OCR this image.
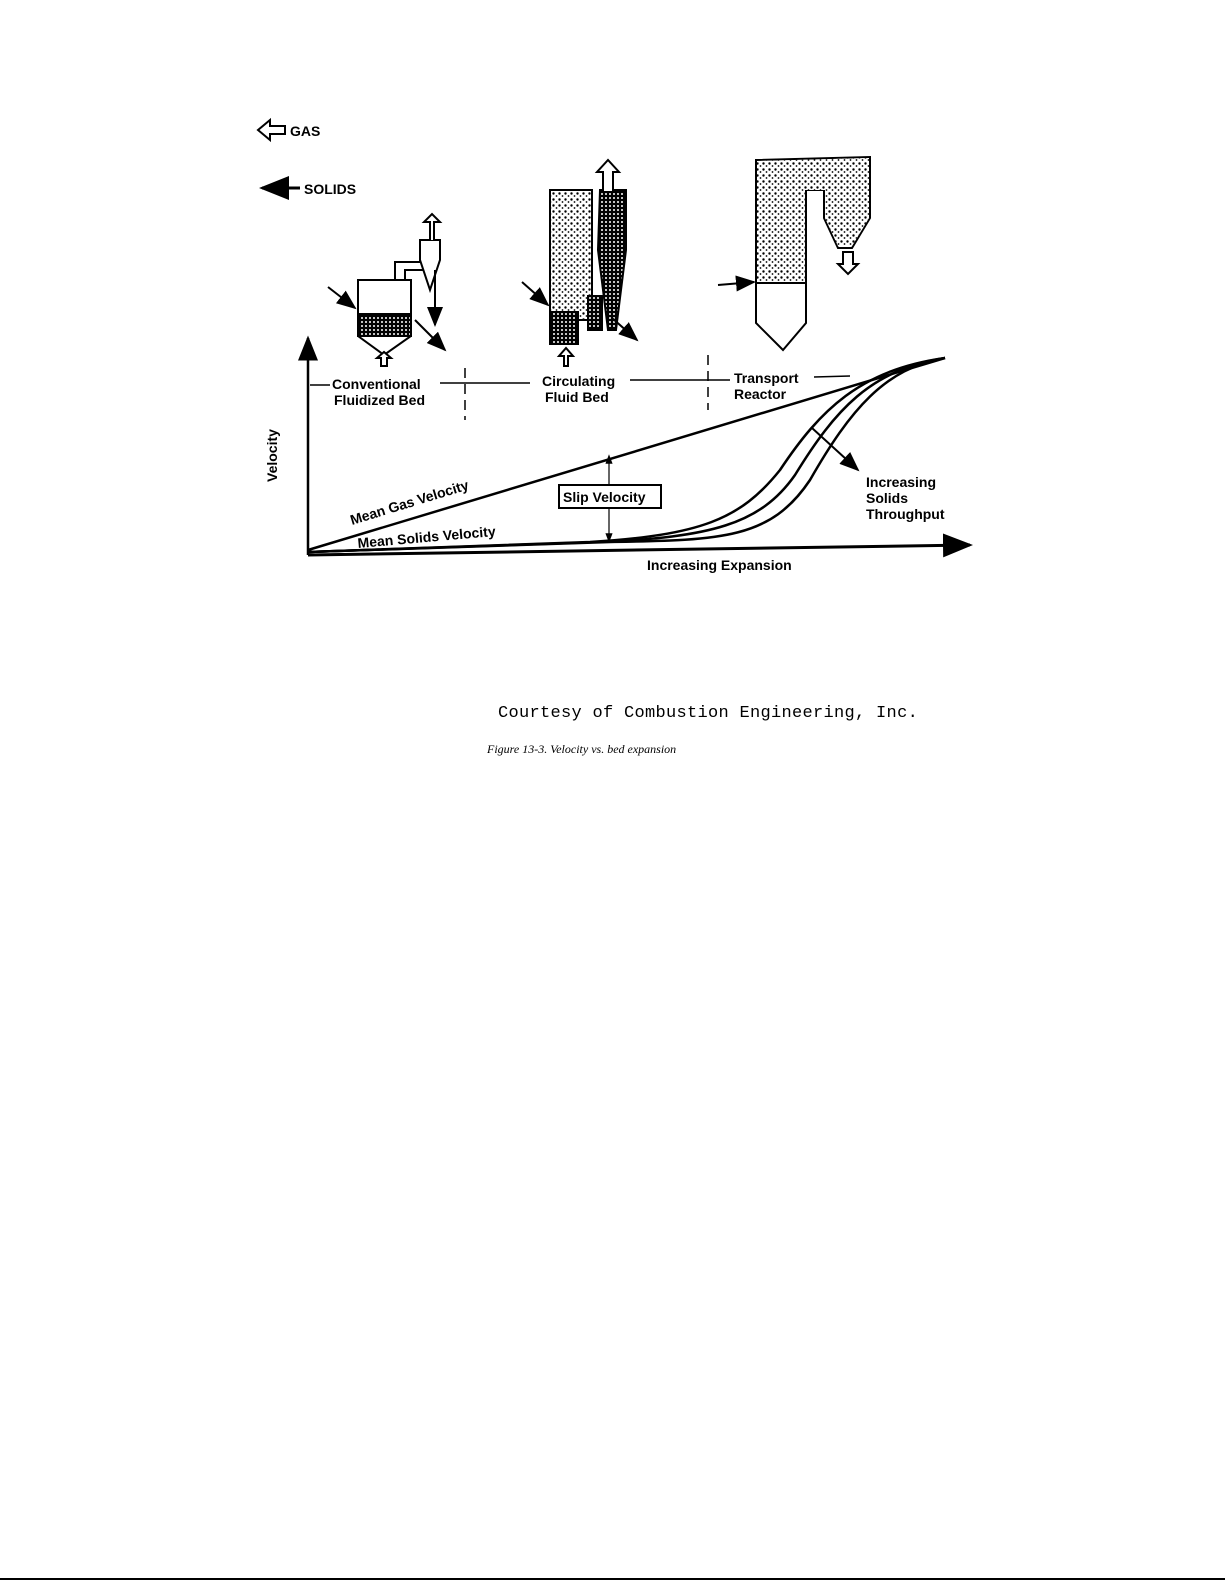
GAS
SOLIDS
Velocity
Increasing Expansion
Conventional
Fluidized Bed
Circulating
Fluid Bed
Transport
Reactor
Mean Gas Velocity
Mean Solids Velocity
Slip Velocity
Increasing
Solids
Throughput
Courtesy of Combustion Engineering, Inc.
Figure 13-3. Velocity vs. bed expansion
